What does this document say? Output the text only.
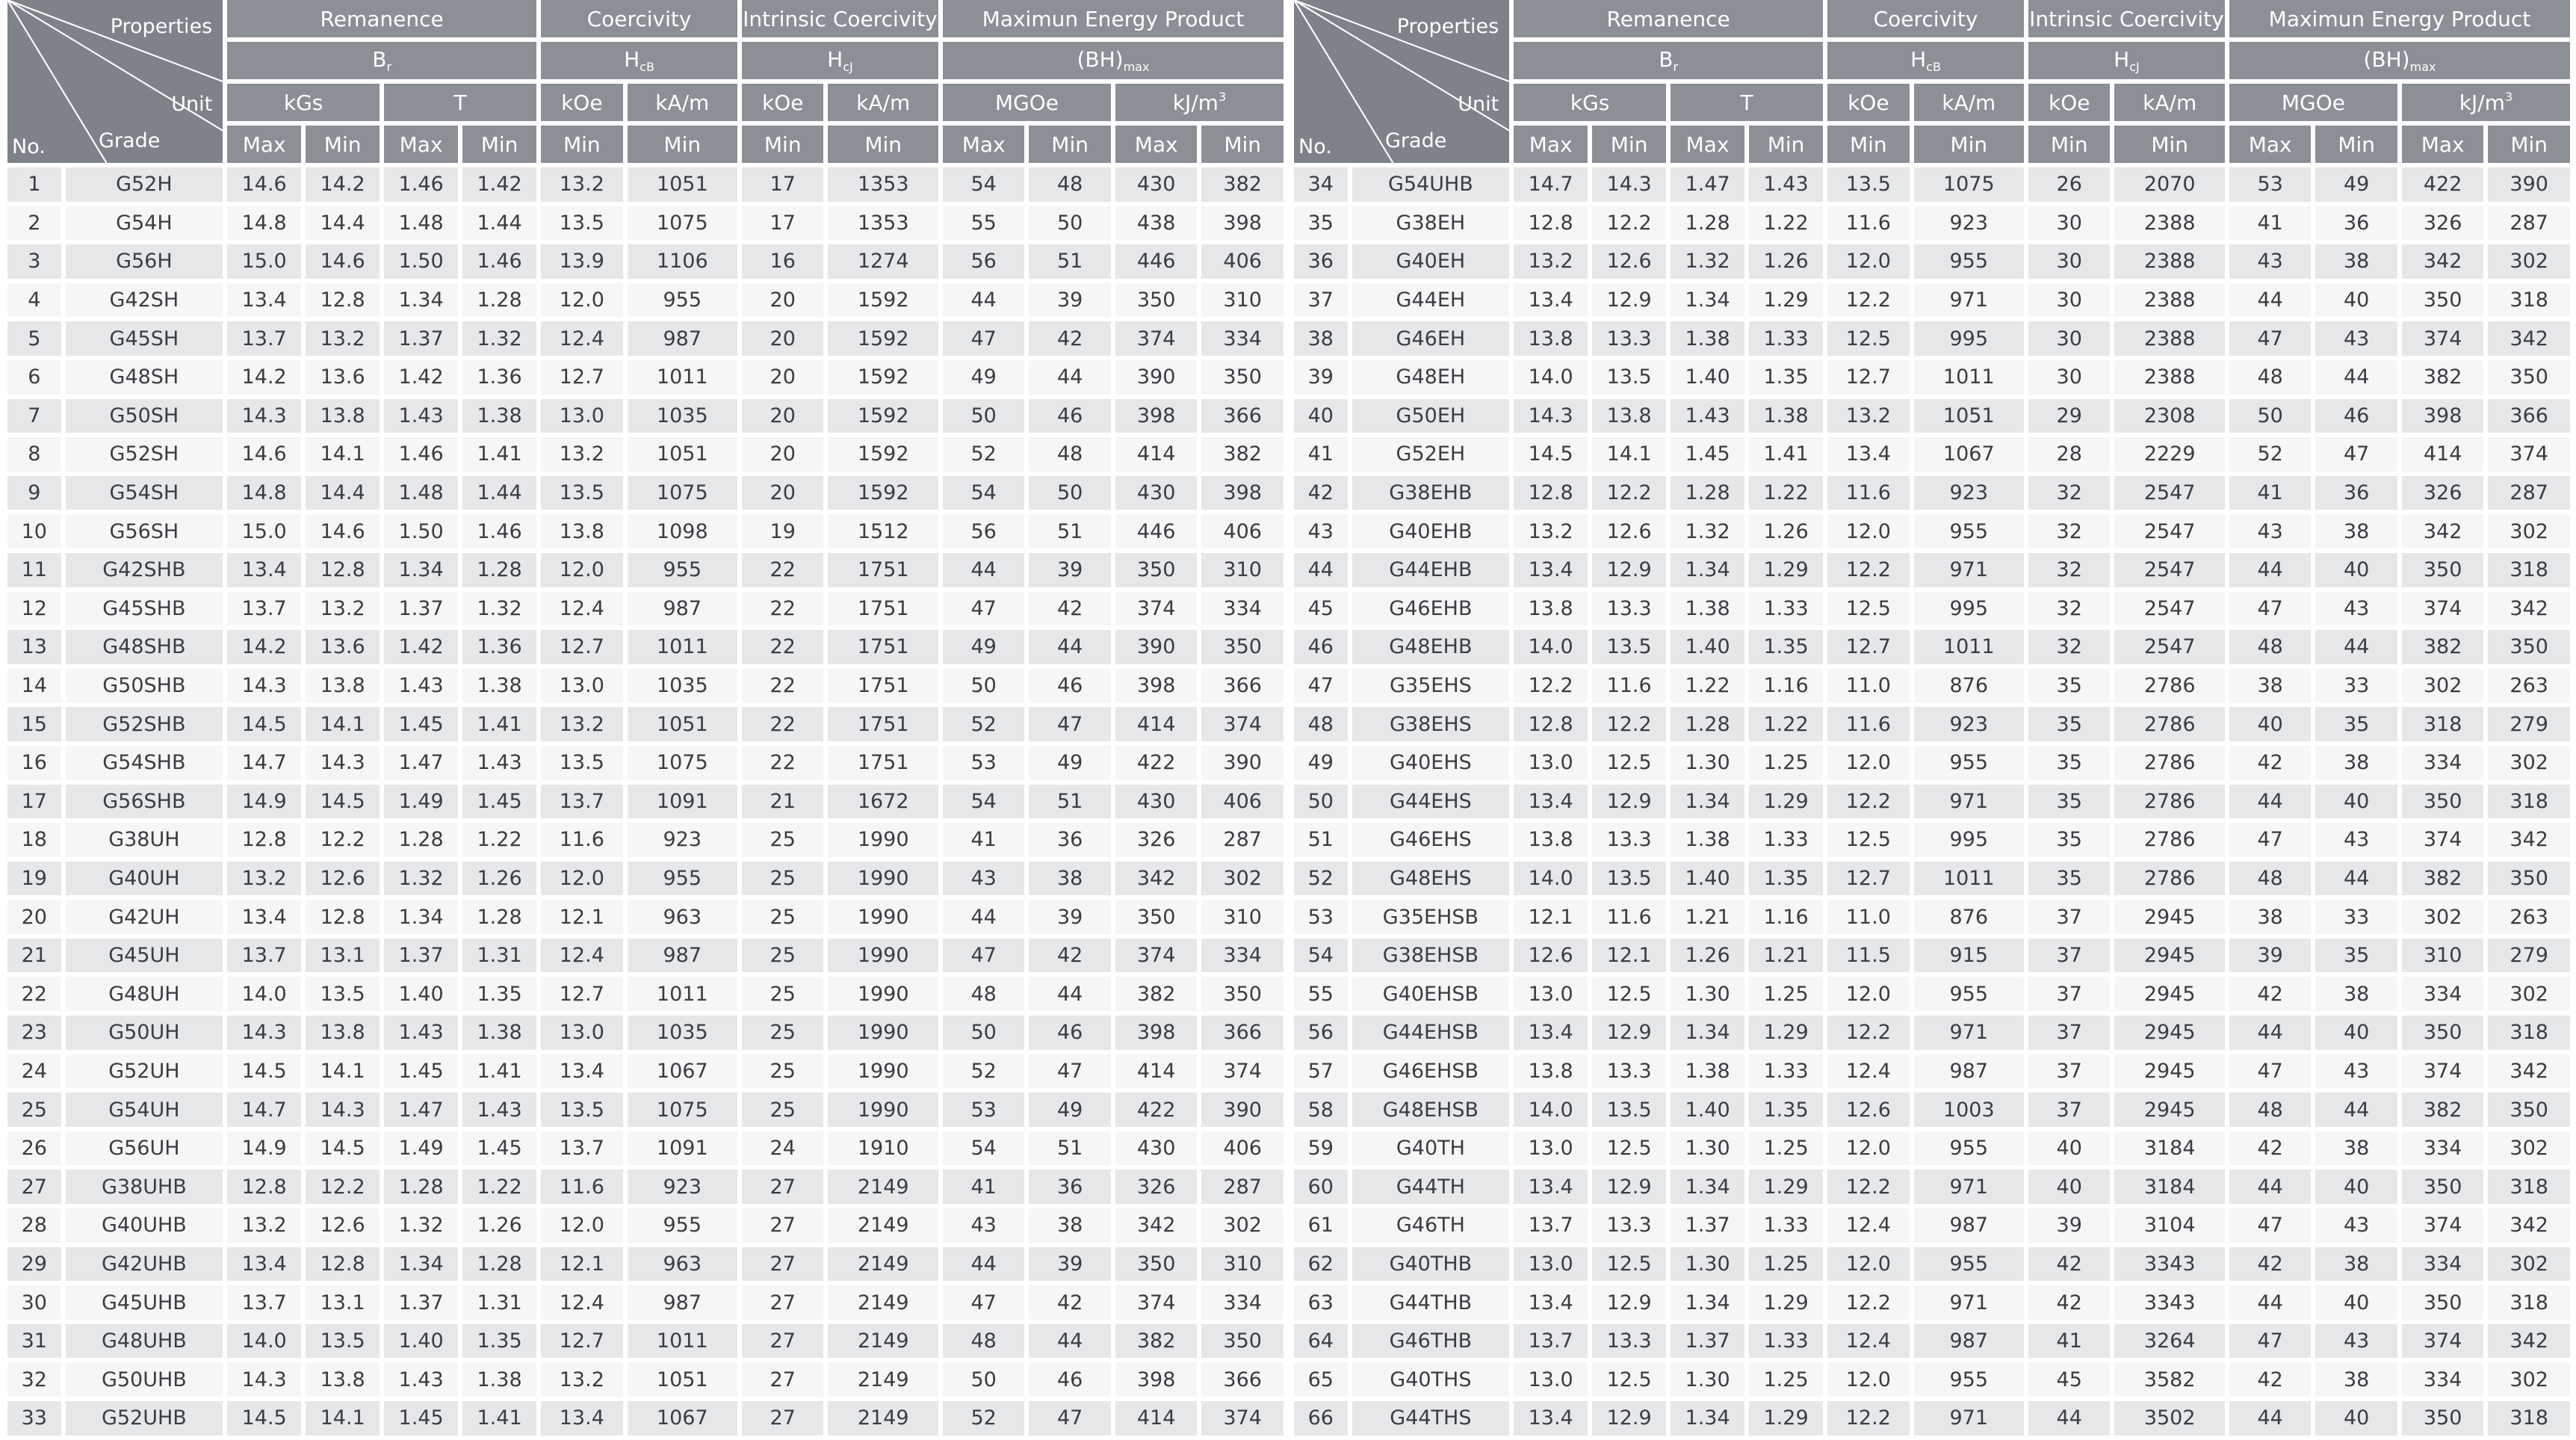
Properties
Unit
No. Grade		Remanence				Coercivity		Intrinsic Coercivity		Maximun Energy Product			
		$B_r$				$H_{cB}$		$H_{cJ}$		$(BH)_{max}$
		kGs		T		kOe	kA/m	kOe	kA/m	MGOe		$kJ/m^3$
		Max	Min	Max	Min	Min	Min	Min	Min	Max	Min	Max	Min
1	G52H	14.6	14.2	1.46	1.42	13.2	1051	17	1353	54	48	430	382
2	G54H	14.8	14.4	1.48	1.44	13.5	1075	17	1353	55	50	438	398
3	G56H	15.0	14.6	1.50	1.46	13.9	1106	16	1274	56	51	446	406
4	G42SH	13.4	12.8	1.34	1.28	12.0	955	20	1592	44	39	350	310
5	G45SH	13.7	13.2	1.37	1.32	12.4	987	20	1592	47	42	374	334
6	G48SH	14.2	13.6	1.42	1.36	12.7	1011	20	1592	49	44	390	350
7	G50SH	14.3	13.8	1.43	1.38	13.0	1035	20	1592	50	46	398	366
8	G52SH	14.6	14.1	1.46	1.41	13.2	1051	20	1592	52	48	414	382
9	G54SH	14.8	14.4	1.48	1.44	13.5	1075	20	1592	54	50	430	398
10	G56SH	15.0	14.6	1.50	1.46	13.8	1098	19	1512	56	51	446	406
11	G42SHB	13.4	12.8	1.34	1.28	12.0	955	22	1751	44	39	350	310
12	G45SHB	13.7	13.2	1.37	1.32	12.4	987	22	1751	47	42	374	334
13	G48SHB	14.2	13.6	1.42	1.36	12.7	1011	22	1751	49	44	390	350
14	G50SHB	14.3	13.8	1.43	1.38	13.0	1035	22	1751	50	46	398	366
15	G52SHB	14.5	14.1	1.45	1.41	13.2	1051	22	1751	52	47	414	374
16	G54SHB	14.7	14.3	1.47	1.43	13.5	1075	22	1751	53	49	422	390
17	G56SHB	14.9	14.5	1.49	1.45	13.7	1091	21	1672	54	51	430	406
18	G38UH	12.8	12.2	1.28	1.22	11.6	923	25	1990	41	36	326	287
19	G40UH	13.2	12.6	1.32	1.26	12.0	955	25	1990	43	38	342	302
20	G42UH	13.4	12.8	1.34	1.28	12.1	963	25	1990	44	39	350	310
21	G45UH	13.7	13.1	1.37	1.31	12.4	987	25	1990	47	42	374	334
22	G48UH	14.0	13.5	1.40	1.35	12.7	1011	25	1990	48	44	382	350
23	G50UH	14.3	13.8	1.43	1.38	13.0	1035	25	1990	50	46	398	366
24	G52UH	14.5	14.1	1.45	1.41	13.4	1067	25	1990	52	47	414	374
25	G54UH	14.7	14.3	1.47	1.43	13.5	1075	25	1990	53	49	422	390
26	G56UH	14.9	14.5	1.49	1.45	13.7	1091	24	1910	54	51	430	406
27	G38UHB	12.8	12.2	1.28	1.22	11.6	923	27	2149	41	36	326	287
28	G40UHB	13.2	12.6	1.32	1.26	12.0	955	27	2149	43	38	342	302
29	G42UHB	13.4	12.8	1.34	1.28	12.1	963	27	2149	44	39	350	310
30	G45UHB	13.7	13.1	1.37	1.31	12.4	987	27	2149	47	42	374	334
31	G48UHB	14.0	13.5	1.40	1.35	12.7	1011	27	2149	48	44	382	350
32	G50UHB	14.3	13.8	1.43	1.38	13.2	1051	27	2149	50	46	398	366
33	G52UHB	14.5	14.1	1.45	1.41	13.4	1067	27	2149	52	47	414	374
Properties
Unit
No. Grade		Remanence				Coercivity		Intrinsic Coercivity		Maximun Energy Product			
		$B_r$				$H_{cB}$		$H_{cJ}$		$(BH)_{max}$
		kGs		T		kOe	kA/m	kOe	kA/m	MGOe		$kJ/m^3$
		Max	Min	Max	Min	Min	Min	Min	Min	Max	Min	Max	Min
34	G54UHB	14.7	14.3	1.47	1.43	13.5	1075	26	2070	53	49	422	390
35	G38EH	12.8	12.2	1.28	1.22	11.6	923	30	2388	41	36	326	287
36	G40EH	13.2	12.6	1.32	1.26	12.0	955	30	2388	43	38	342	302
37	G44EH	13.4	12.9	1.34	1.29	12.2	971	30	2388	44	40	350	318
38	G46EH	13.8	13.3	1.38	1.33	12.5	995	30	2388	47	43	374	342
39	G48EH	14.0	13.5	1.40	1.35	12.7	1011	30	2388	48	44	382	350
40	G50EH	14.3	13.8	1.43	1.38	13.2	1051	29	2308	50	46	398	366
41	G52EH	14.5	14.1	1.45	1.41	13.4	1067	28	2229	52	47	414	374
42	G38EHB	12.8	12.2	1.28	1.22	11.6	923	32	2547	41	36	326	287
43	G40EHB	13.2	12.6	1.32	1.26	12.0	955	32	2547	43	38	342	302
44	G44EHB	13.4	12.9	1.34	1.29	12.2	971	32	2547	44	40	350	318
45	G46EHB	13.8	13.3	1.38	1.33	12.5	995	32	2547	47	43	374	342
46	G48EHB	14.0	13.5	1.40	1.35	12.7	1011	32	2547	48	44	382	350
47	G35EHS	12.2	11.6	1.22	1.16	11.0	876	35	2786	38	33	302	263
48	G38EHS	12.8	12.2	1.28	1.22	11.6	923	35	2786	40	35	318	279
49	G40EHS	13.0	12.5	1.30	1.25	12.0	955	35	2786	42	38	334	302
50	G44EHS	13.4	12.9	1.34	1.29	12.2	971	35	2786	44	40	350	318
51	G46EHS	13.8	13.3	1.38	1.33	12.5	995	35	2786	47	43	374	342
52	G48EHS	14.0	13.5	1.40	1.35	12.7	1011	35	2786	48	44	382	350
53	G35EHSB	12.1	11.6	1.21	1.16	11.0	876	37	2945	38	33	302	263
54	G38EHSB	12.6	12.1	1.26	1.21	11.5	915	37	2945	39	35	310	279
55	G40EHSB	13.0	12.5	1.30	1.25	12.0	955	37	2945	42	38	334	302
56	G44EHSB	13.4	12.9	1.34	1.29	12.2	971	37	2945	44	40	350	318
57	G46EHSB	13.8	13.3	1.38	1.33	12.4	987	37	2945	47	43	374	342
58	G48EHSB	14.0	13.5	1.40	1.35	12.6	1003	37	2945	48	44	382	350
59	G40TH	13.0	12.5	1.30	1.25	12.0	955	40	3184	42	38	334	302
60	G44TH	13.4	12.9	1.34	1.29	12.2	971	40	3184	44	40	350	318
61	G46TH	13.7	13.3	1.37	1.33	12.4	987	39	3104	47	43	374	342
62	G40THB	13.0	12.5	1.30	1.25	12.0	955	42	3343	42	38	334	302
63	G44THB	13.4	12.9	1.34	1.29	12.2	971	42	3343	44	40	350	318
64	G46THB	13.7	13.3	1.37	1.33	12.4	987	41	3264	47	43	374	342
65	G40THS	13.0	12.5	1.30	1.25	12.0	955	45	3582	42	38	334	302
66	G44THS	13.4	12.9	1.34	1.29	12.2	971	44	3502	44	40	350	318
